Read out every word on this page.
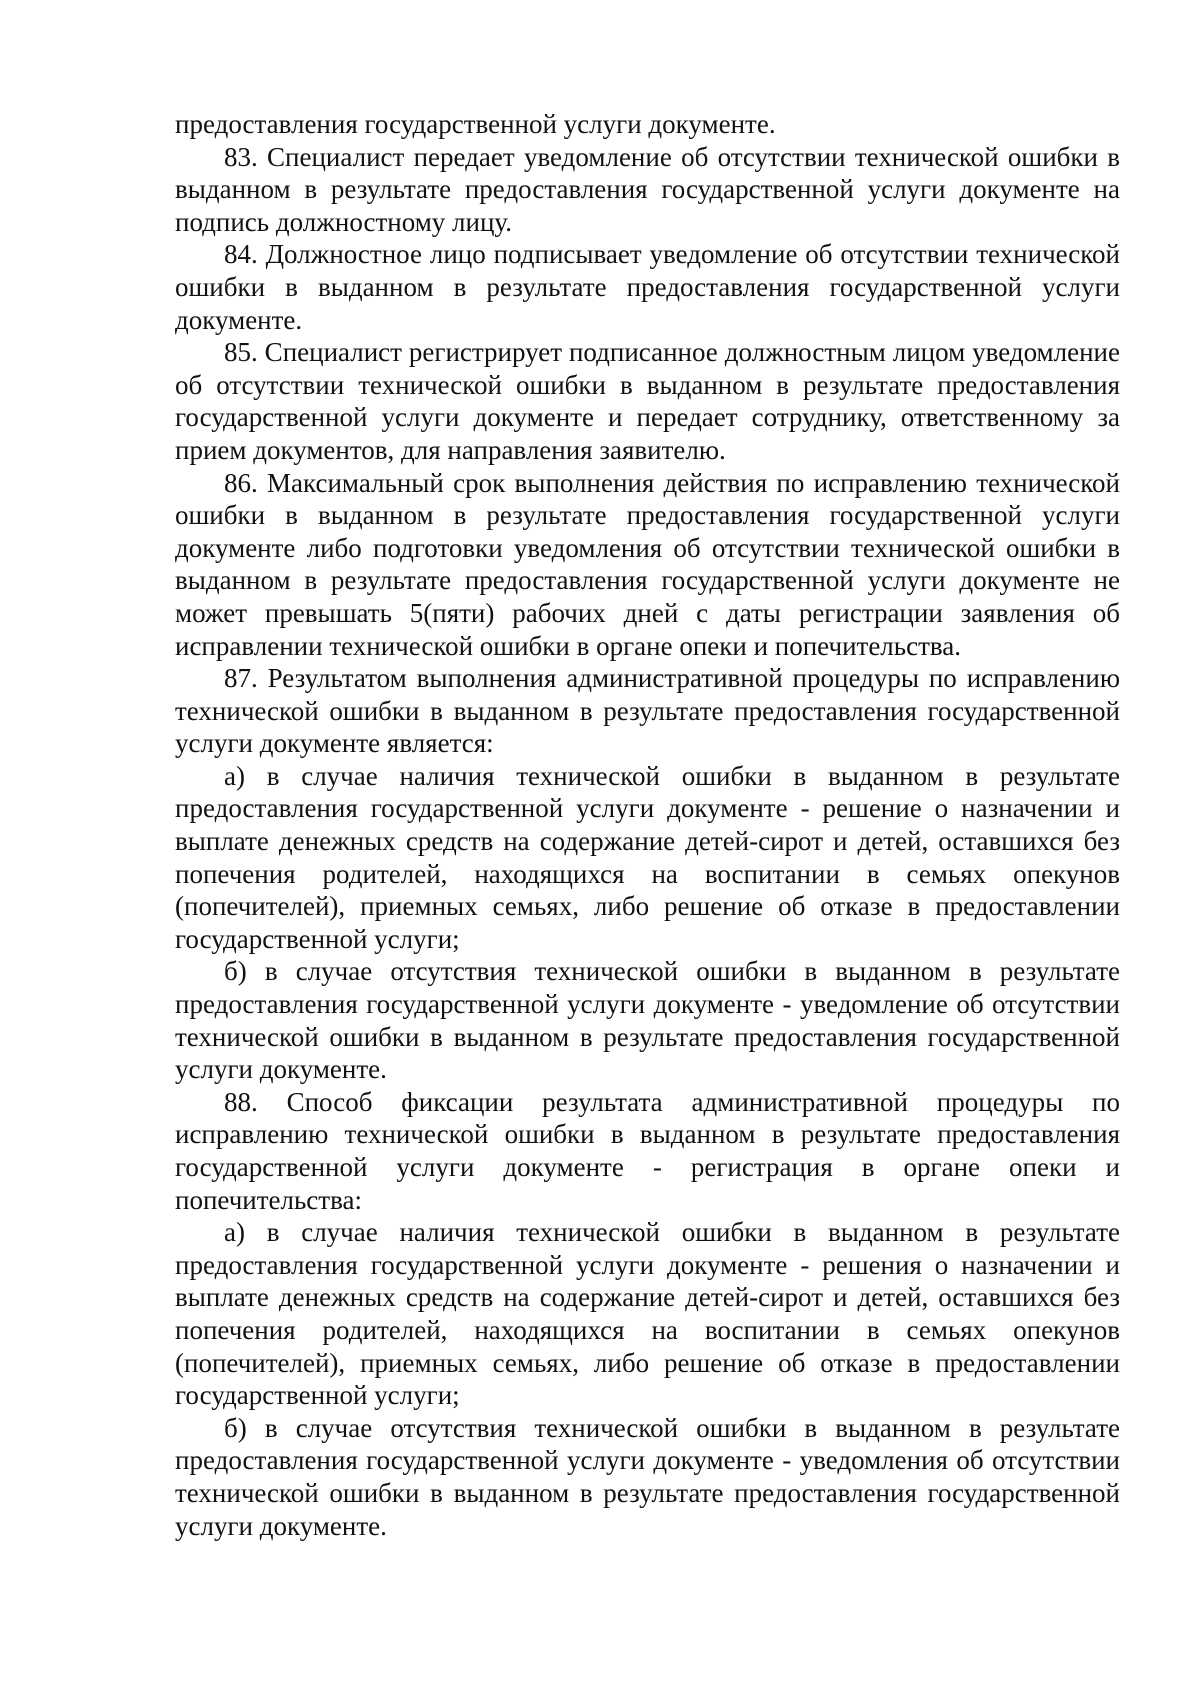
предоставления государственной услуги документе.

83. Специалист передает уведомление об отсутствии технической ошибки в выданном в результате предоставления государственной услуги документе на подпись должностному лицу.

84. Должностное лицо подписывает уведомление об отсутствии технической ошибки в выданном в результате предоставления государственной услуги документе.

85. Специалист регистрирует подписанное должностным лицом уведомление об отсутствии технической ошибки в выданном в результате предоставления государственной услуги документе и передает сотруднику, ответственному за прием документов, для направления заявителю.

86. Максимальный срок выполнения действия по исправлению технической ошибки в выданном в результате предоставления государственной услуги документе либо подготовки уведомления об отсутствии технической ошибки в выданном в результате предоставления государственной услуги документе не может превышать 5(пяти) рабочих дней с даты регистрации заявления об исправлении технической ошибки в органе опеки и попечительства.

87. Результатом выполнения административной процедуры по исправлению технической ошибки в выданном в результате предоставления государственной услуги документе является:

а) в случае наличия технической ошибки в выданном в результате предоставления государственной услуги документе - решение о назначении и выплате денежных средств на содержание детей-сирот и детей, оставшихся без попечения родителей, находящихся на воспитании в семьях опекунов (попечителей), приемных семьях, либо решение об отказе в предоставлении государственной услуги;

б) в случае отсутствия технической ошибки в выданном в результате предоставления государственной услуги документе - уведомление об отсутствии технической ошибки в выданном в результате предоставления государственной услуги документе.

88. Способ фиксации результата административной процедуры по исправлению технической ошибки в выданном в результате предоставления государственной услуги документе - регистрация в органе опеки и попечительства:

а) в случае наличия технической ошибки в выданном в результате предоставления государственной услуги документе - решения о назначении и выплате денежных средств на содержание детей-сирот и детей, оставшихся без попечения родителей, находящихся на воспитании в семьях опекунов (попечителей), приемных семьях, либо решение об отказе в предоставлении государственной услуги;

б) в случае отсутствия технической ошибки в выданном в результате предоставления государственной услуги документе - уведомления об отсутствии технической ошибки в выданном в результате предоставления государственной услуги документе.
